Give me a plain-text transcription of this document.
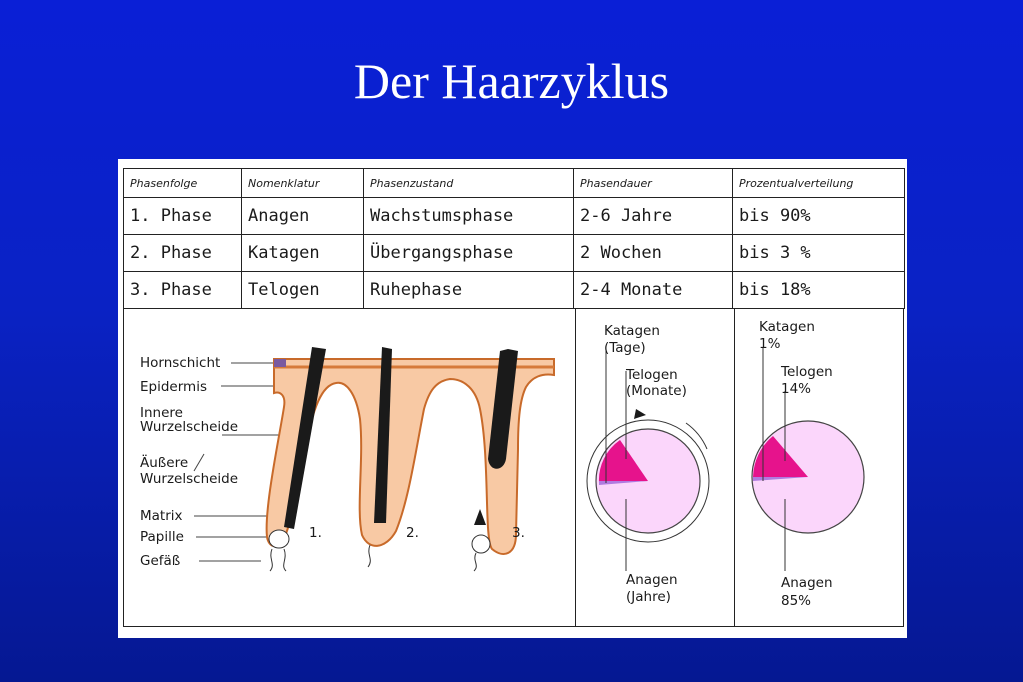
Der Haarzyklus
Phasenfolge	Nomenklatur	Phasenzustand	Phasendauer	Prozentualverteilung
1. Phase	Anagen	Wachstumsphase	2-6 Jahre	bis 90%
2. Phase	Katagen	Übergangsphase	2 Wochen	bis 3 %
3. Phase	Telogen	Ruhephase	2-4 Monate	bis 18%
Hornschicht
Epidermis
Innere
Wurzelscheide
Äußere
Wurzelscheide
Matrix
Papille
Gefäß
1.	2.	3.
Katagen
(Tage)
Telogen
(Monate)
Anagen
(Jahre)
Katagen
1%
Telogen
14%
Anagen
85%
